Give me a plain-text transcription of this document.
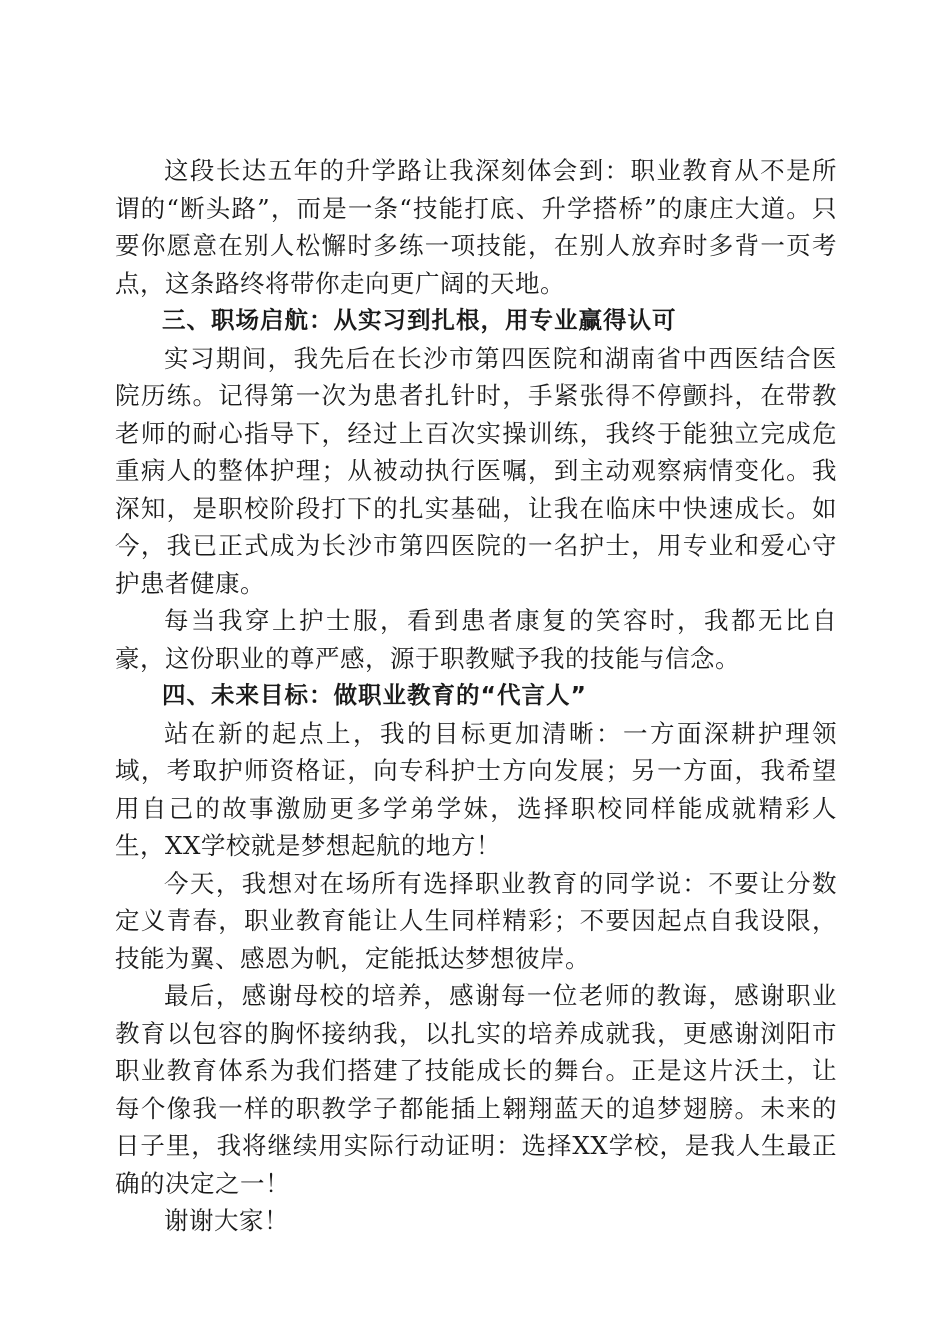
这段长达五年的升学路让我深刻体会到：职业教育从不是所谓的“断头路”，而是一条“技能打底、升学搭桥”的康庄大道。只要你愿意在别人松懈时多练一项技能，在别人放弃时多背一页考点，这条路终将带你走向更广阔的天地。

三、职场启航：从实习到扎根，用专业赢得认可

实习期间，我先后在长沙市第四医院和湖南省中西医结合医院历练。记得第一次为患者扎针时，手紧张得不停颤抖，在带教老师的耐心指导下，经过上百次实操训练，我终于能独立完成危重病人的整体护理；从被动执行医嘱，到主动观察病情变化。我深知，是职校阶段打下的扎实基础，让我在临床中快速成长。如今，我已正式成为长沙市第四医院的一名护士，用专业和爱心守护患者健康。

每当我穿上护士服，看到患者康复的笑容时，我都无比自豪，这份职业的尊严感，源于职教赋予我的技能与信念。

四、未来目标：做职业教育的“代言人”

站在新的起点上，我的目标更加清晰：一方面深耕护理领域，考取护师资格证，向专科护士方向发展；另一方面，我希望用自己的故事激励更多学弟学妹，选择职校同样能成就精彩人生，XX学校就是梦想起航的地方！

今天，我想对在场所有选择职业教育的同学说：不要让分数定义青春，职业教育能让人生同样精彩；不要因起点自我设限，技能为翼、感恩为帆，定能抵达梦想彼岸。

最后，感谢母校的培养，感谢每一位老师的教诲，感谢职业教育以包容的胸怀接纳我，以扎实的培养成就我，更感谢浏阳市职业教育体系为我们搭建了技能成长的舞台。正是这片沃土，让每个像我一样的职教学子都能插上翱翔蓝天的追梦翅膀。未来的日子里，我将继续用实际行动证明：选择XX学校，是我人生最正确的决定之一！

谢谢大家！
